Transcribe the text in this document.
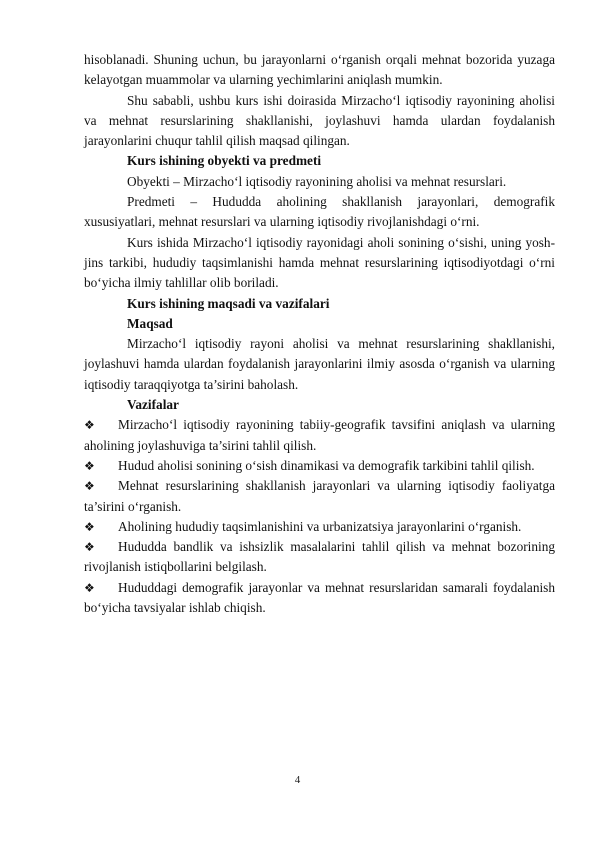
hisoblanadi. Shuning uchun, bu jarayonlarni o‘rganish orqali mehnat bozorida yuzaga kelayotgan muammolar va ularning yechimlarini aniqlash mumkin.

Shu sababli, ushbu kurs ishi doirasida Mirzacho‘l iqtisodiy rayonining aholisi va mehnat resurslarining shakllanishi, joylashuvi hamda ulardan foydalanish jarayonlarini chuqur tahlil qilish maqsad qilingan.

Kurs ishining obyekti va predmeti

Obyekti – Mirzacho‘l iqtisodiy rayonining aholisi va mehnat resurslari.

Predmeti – Hududda aholining shakllanish jarayonlari, demografik xususiyatlari, mehnat resurslari va ularning iqtisodiy rivojlanishdagi o‘rni.

Kurs ishida Mirzacho‘l iqtisodiy rayonidagi aholi sonining o‘sishi, uning yosh-jins tarkibi, hududiy taqsimlanishi hamda mehnat resurslarining iqtisodiyotdagi o‘rni bo‘yicha ilmiy tahlillar olib boriladi.

Kurs ishining maqsadi va vazifalari

Maqsad

Mirzacho‘l iqtisodiy rayoni aholisi va mehnat resurslarining shakllanishi, joylashuvi hamda ulardan foydalanish jarayonlarini ilmiy asosda o‘rganish va ularning iqtisodiy taraqqiyotga ta’sirini baholash.

Vazifalar

❖ Mirzacho‘l iqtisodiy rayonining tabiiy-geografik tavsifini aniqlash va ularning aholining joylashuviga ta’sirini tahlil qilish.

❖ Hudud aholisi sonining o‘sish dinamikasi va demografik tarkibini tahlil qilish.

❖ Mehnat resurslarining shakllanish jarayonlari va ularning iqtisodiy faoliyatga ta’sirini o‘rganish.

❖ Aholining hududiy taqsimlanishini va urbanizatsiya jarayonlarini o‘rganish.

❖ Hududda bandlik va ishsizlik masalalarini tahlil qilish va mehnat bozorining rivojlanish istiqbollarini belgilash.

❖ Hududdagi demografik jarayonlar va mehnat resurslaridan samarali foydalanish bo‘yicha tavsiyalar ishlab chiqish.

4
